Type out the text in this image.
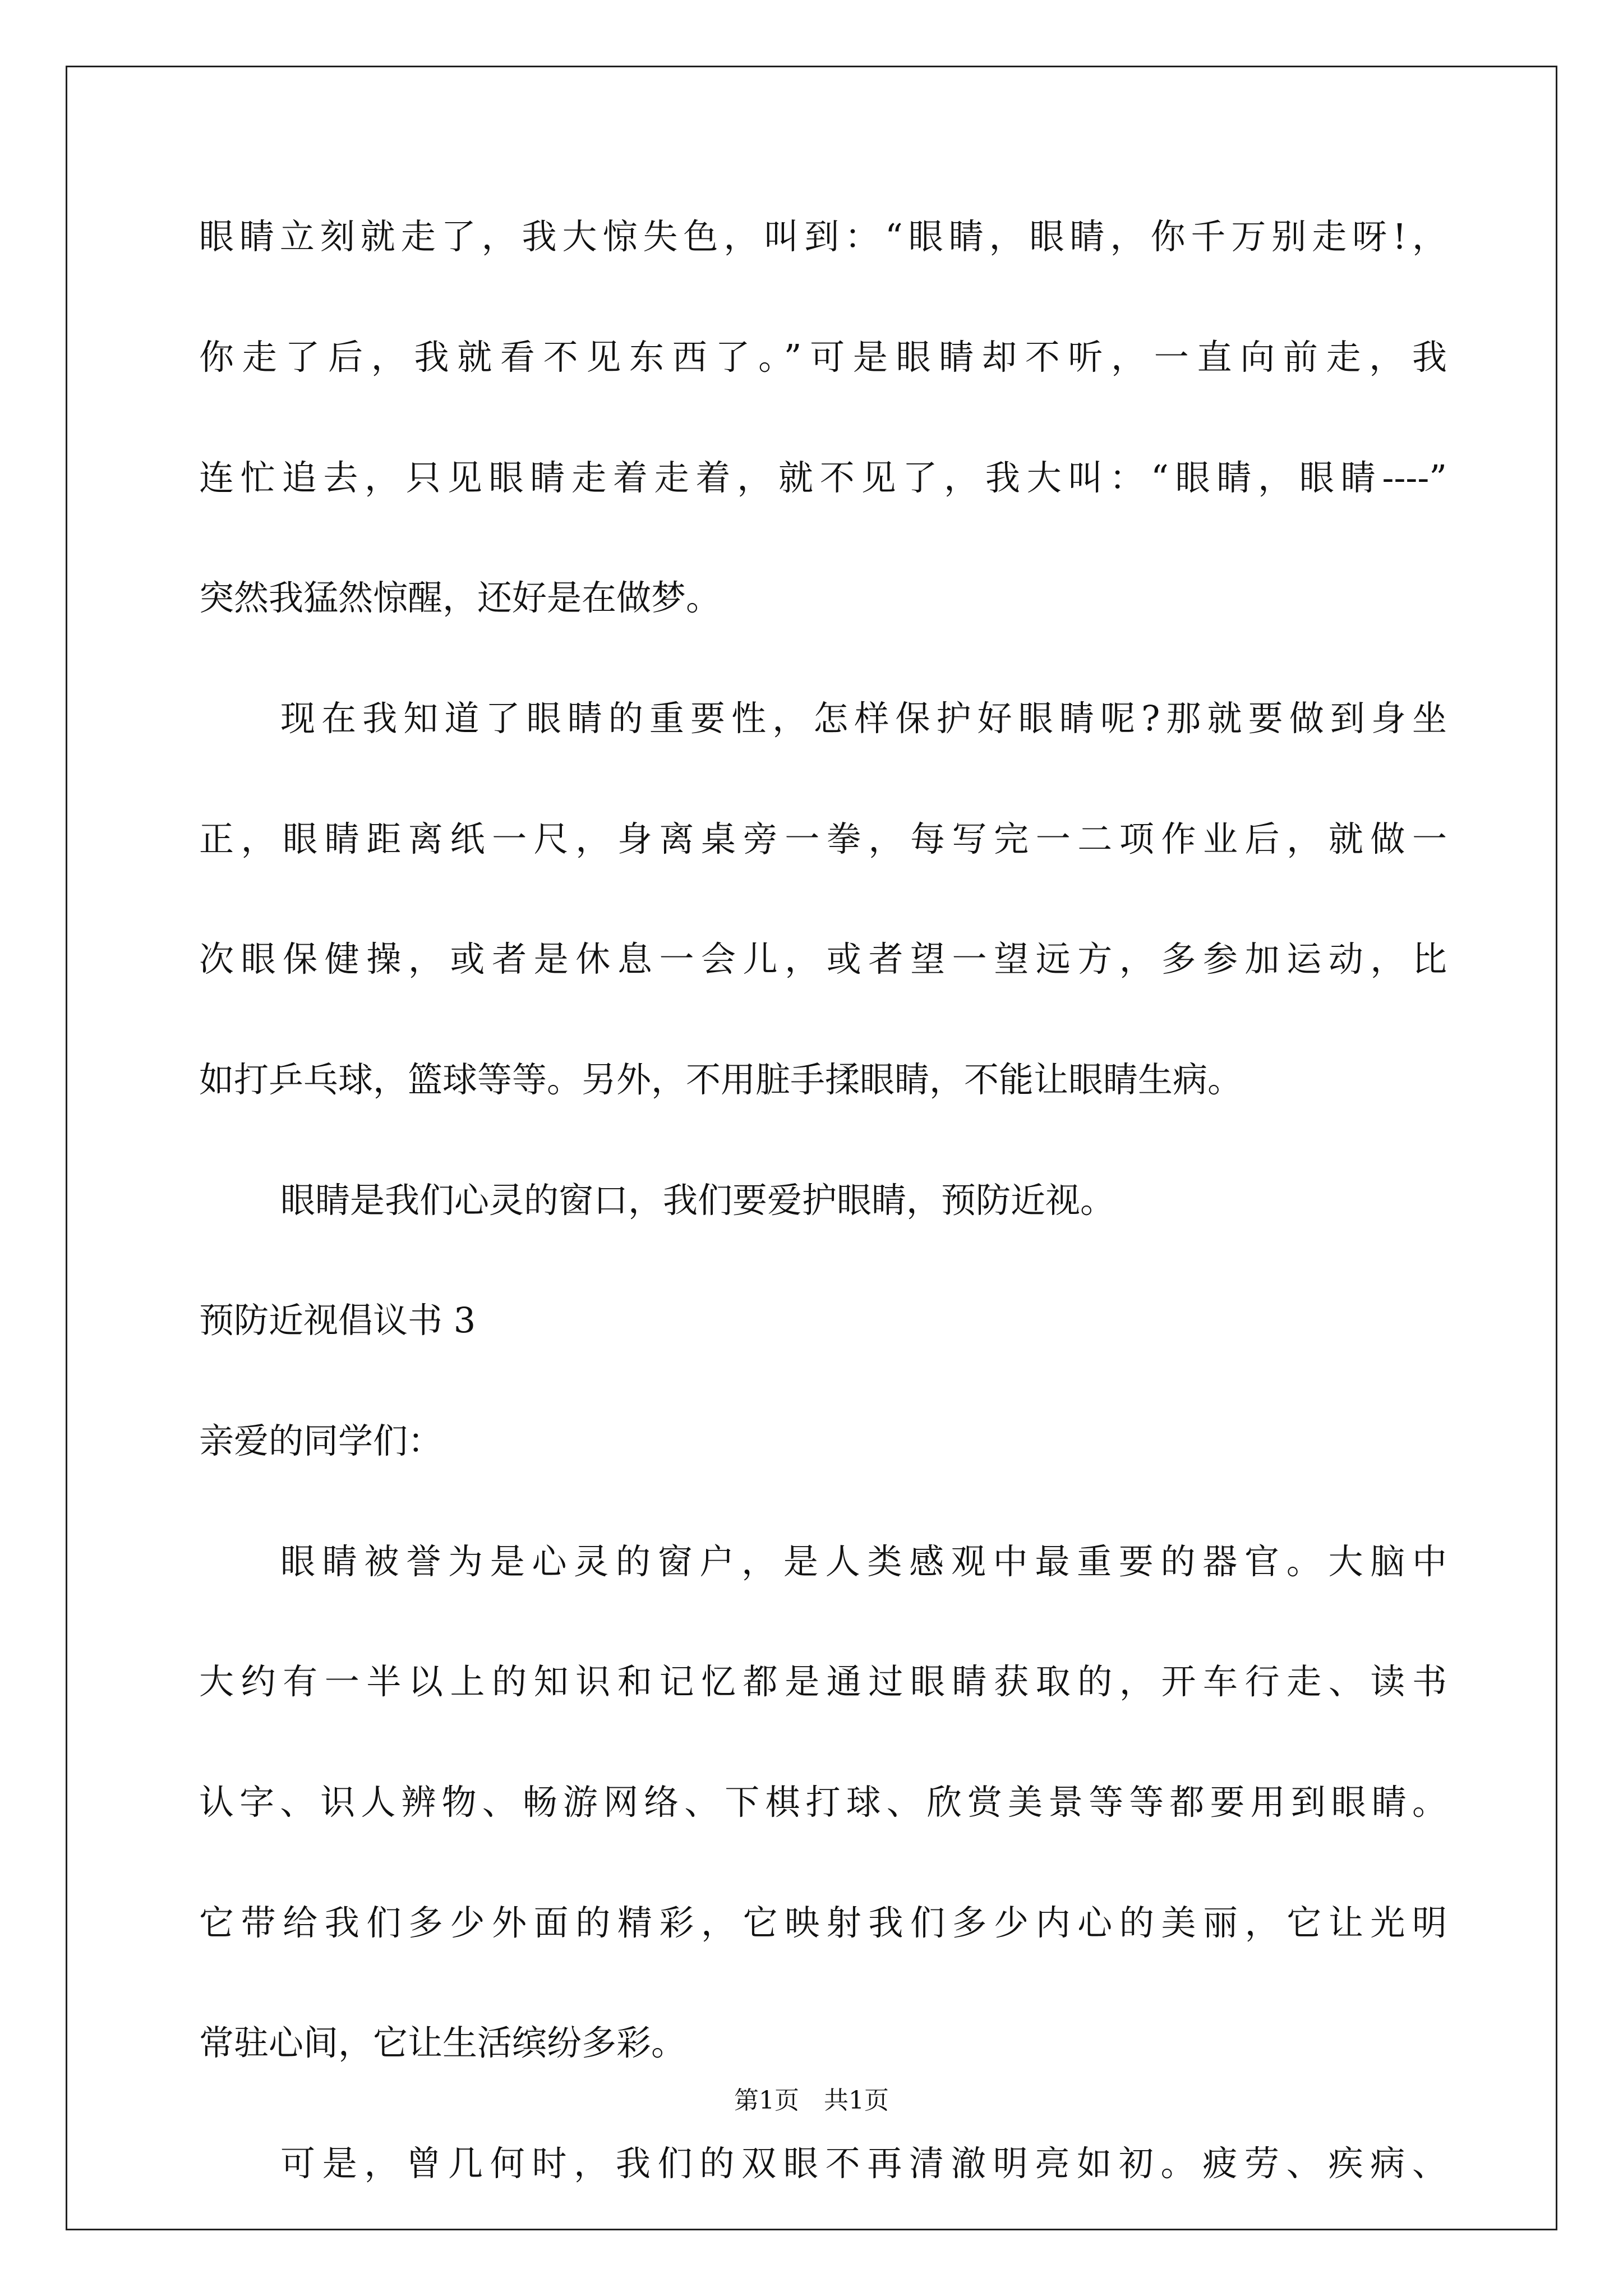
眼睛立刻就走了，我大惊失色，叫到：“眼睛，眼睛，你千万别走呀!，
你走了后，我就看不见东西了。”可是眼睛却不听，一直向前走，我
连忙追去，只见眼睛走着走着，就不见了，我大叫：“眼睛，眼睛----”
突然我猛然惊醒，还好是在做梦。
现在我知道了眼睛的重要性，怎样保护好眼睛呢?那就要做到身坐
正，眼睛距离纸一尺，身离桌旁一拳，每写完一二项作业后，就做一
次眼保健操，或者是休息一会儿，或者望一望远方，多参加运动，比
如打乒乓球，篮球等等。另外，不用脏手揉眼睛，不能让眼睛生病。
眼睛是我们心灵的窗口，我们要爱护眼睛，预防近视。
预防近视倡议书 3
亲爱的同学们：
眼睛被誉为是心灵的窗户，是人类感观中最重要的器官。大脑中
大约有一半以上的知识和记忆都是通过眼睛获取的，开车行走、读书
认字、识人辨物、畅游网络、下棋打球、欣赏美景等等都要用到眼睛。
它带给我们多少外面的精彩，它映射我们多少内心的美丽，它让光明
常驻心间，它让生活缤纷多彩。
可是，曾几何时，我们的双眼不再清澈明亮如初。疲劳、疾病、
第1页　共1页
